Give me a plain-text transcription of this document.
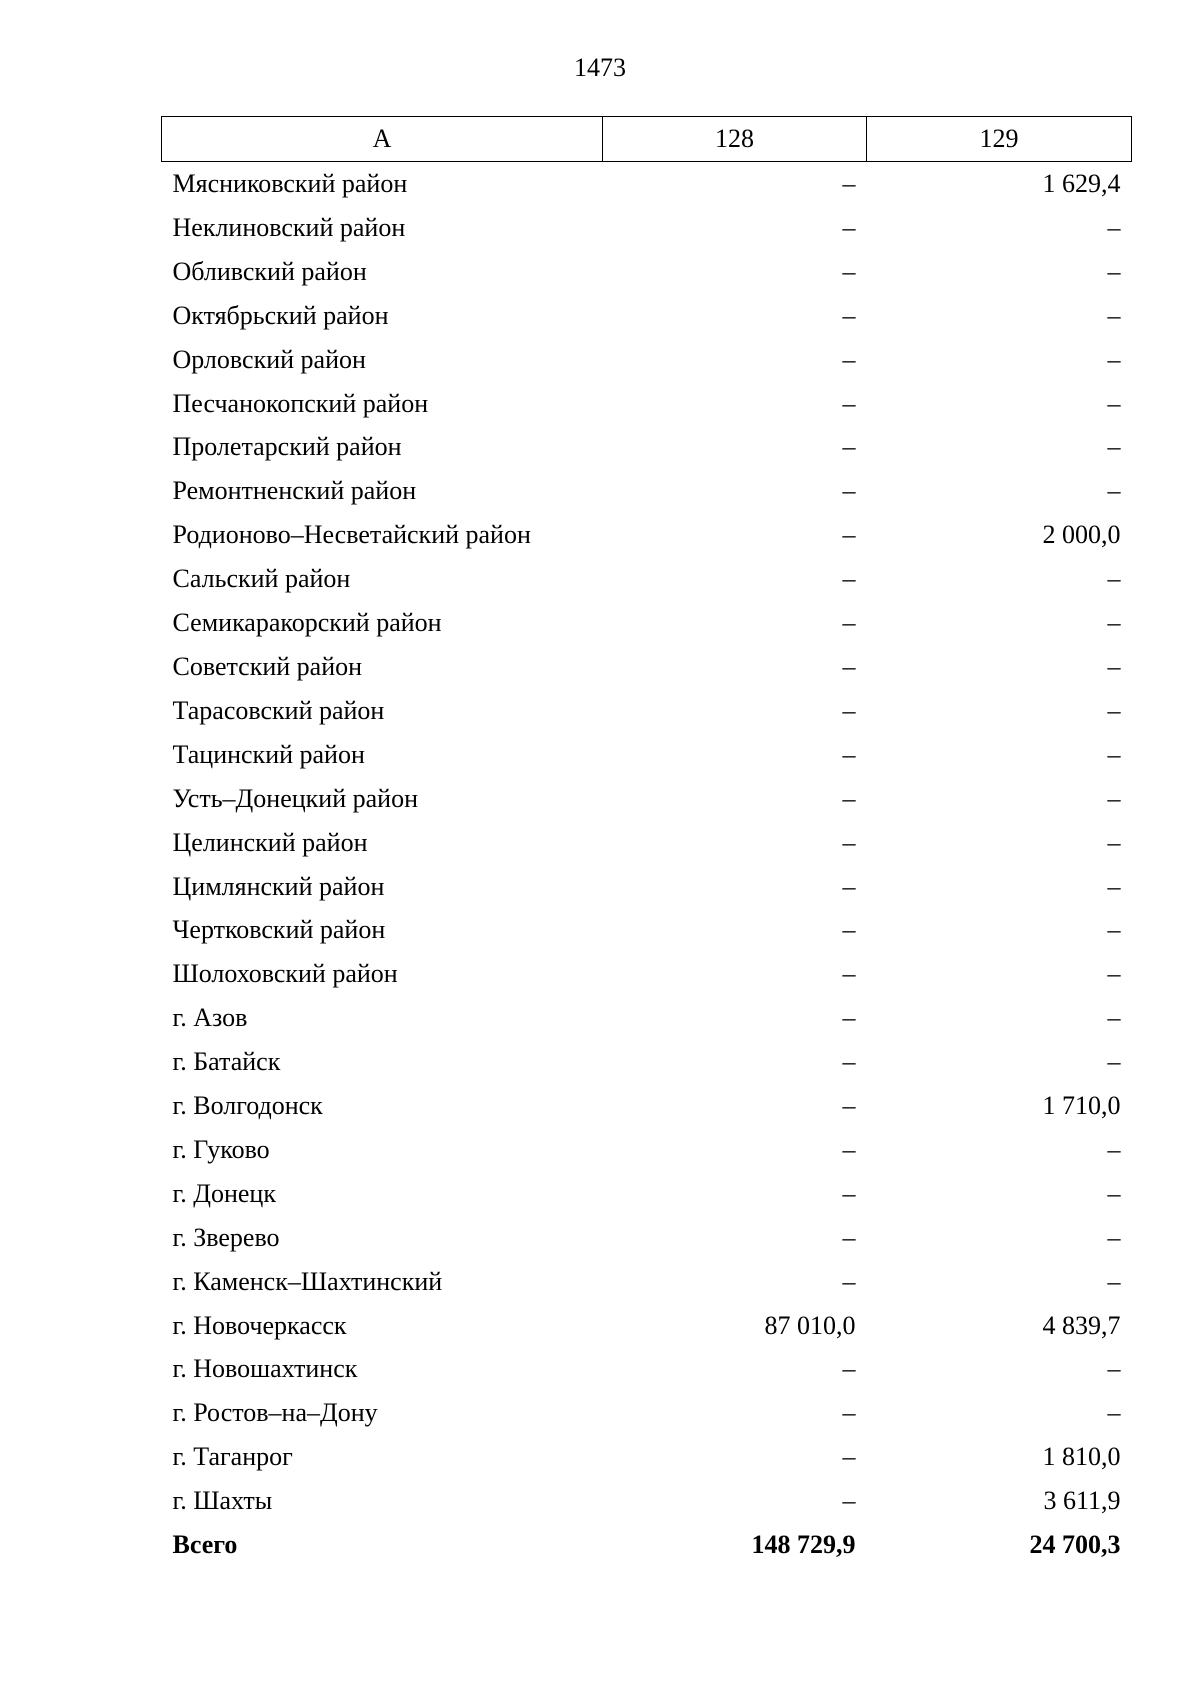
1473
А	128	129
Мясниковский район	–	1 629,4
Неклиновский район	–	–
Обливский район	–	–
Октябрьский район	–	–
Орловский район	–	–
Песчанокопский район	–	–
Пролетарский район	–	–
Ремонтненский район	–	–
Родионово–Несветайский район	–	2 000,0
Сальский район	–	–
Семикаракорский район	–	–
Советский район	–	–
Тарасовский район	–	–
Тацинский район	–	–
Усть–Донецкий район	–	–
Целинский район	–	–
Цимлянский район	–	–
Чертковский район	–	–
Шолоховский район	–	–
г. Азов	–	–
г. Батайск	–	–
г. Волгодонск	–	1 710,0
г. Гуково	–	–
г. Донецк	–	–
г. Зверево	–	–
г. Каменск–Шахтинский	–	–
г. Новочеркасск	87 010,0	4 839,7
г. Новошахтинск	–	–
г. Ростов–на–Дону	–	–
г. Таганрог	–	1 810,0
г. Шахты	–	3 611,9
Всего	148 729,9	24 700,3
